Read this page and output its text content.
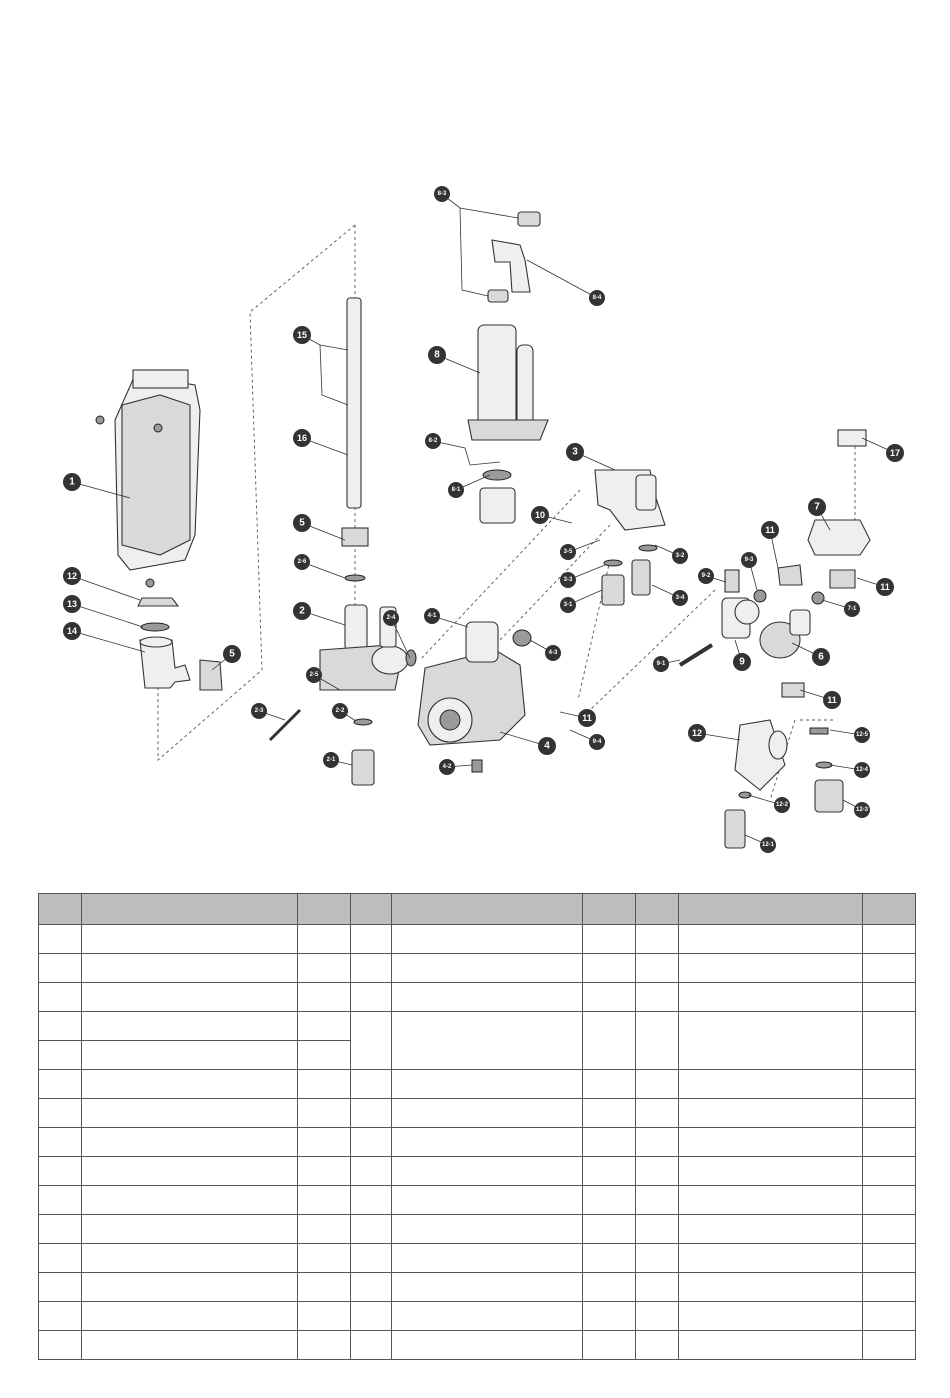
1
12
13
14
5
15
16
5
2-6
2
2-4
2-5
2-2
2-3
2-1
8-3
8-4
8
8-2
8-1
3
10
3-5
3-2
3-3
3-1
3-4
4-1
4-3
4
4-2
11
9-4
9-3
9-2
9-1	9	6
11
7
11
7-1
17
11
12	12-5
12-4
12-3
12-2
12-1
